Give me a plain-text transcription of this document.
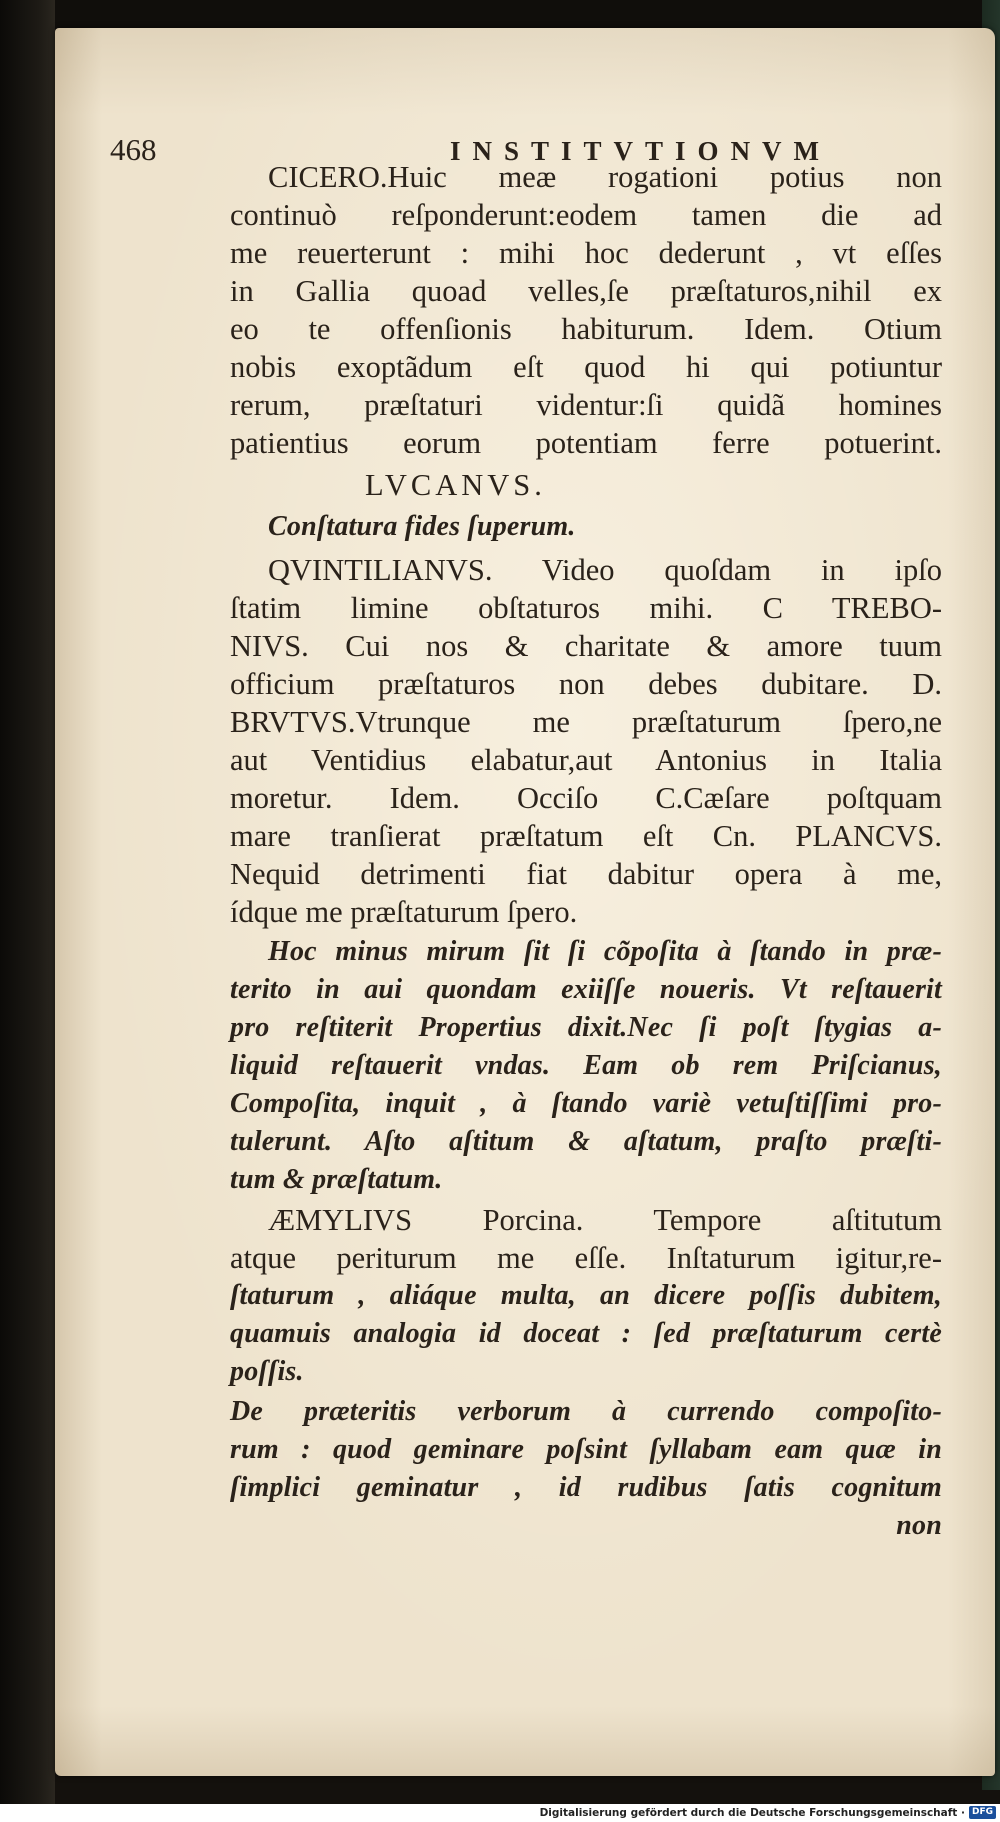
468	INSTITVTIONVM
CICERO.Huic meæ rogationi potius non
continuò reſponderunt:eodem tamen die ad
me reuerterunt : mihi hoc dederunt , vt eſſes
in Gallia quoad velles,ſe præſtaturos,nihil ex
eo te offenſionis habiturum. Idem. Otium
nobis exoptãdum eſt quod hi qui potiuntur
rerum, præſtaturi videntur:ſi quidã homines
patientius eorum potentiam ferre potuerint.
LVCANVS.
Conſtatura fides ſuperum.
QVINTILIANVS. Video quoſdam in ipſo
ſtatim limine obſtaturos mihi. C TREBO-
NIVS. Cui nos & charitate & amore tuum
officium præſtaturos non debes dubitare. D.
BRVTVS.Vtrunque me præſtaturum ſpero,ne
aut Ventidius elabatur,aut Antonius in Italia
moretur. Idem. Occiſo C.Cæſare poſtquam
mare tranſierat præſtatum eſt Cn. PLANCVS.
Nequid detrimenti fiat dabitur opera à me,
ídque me præſtaturum ſpero.
Hoc minus mirum ſit ſi cõpoſita à ſtando in præ-
terito in aui quondam exiiſſe noueris. Vt reſtauerit
pro reſtiterit Propertius dixit.Nec ſi poſt ſtygias a-
liquid reſtauerit vndas. Eam ob rem Priſcianus,
Compoſita, inquit , à ſtando variè vetuſtiſſimi pro-
tulerunt. Aſto aſtitum & aſtatum, praſto præſti-
tum & præſtatum.
ÆMYLIVS Porcina. Tempore aſtitutum
atque periturum me eſſe. Inſtaturum igitur,re-
ſtaturum , aliáque multa, an dicere poſſis dubitem,
quamuis analogia id doceat : ſed præſtaturum certè
poſſis.
De præteritis verborum à currendo compoſito-
rum : quod geminare poſsint ſyllabam eam quæ in
ſimplici geminatur , id rudibus ſatis cognitum
non
Digitalisierung gefördert durch die Deutsche Forschungsgemeinschaft · DFG
